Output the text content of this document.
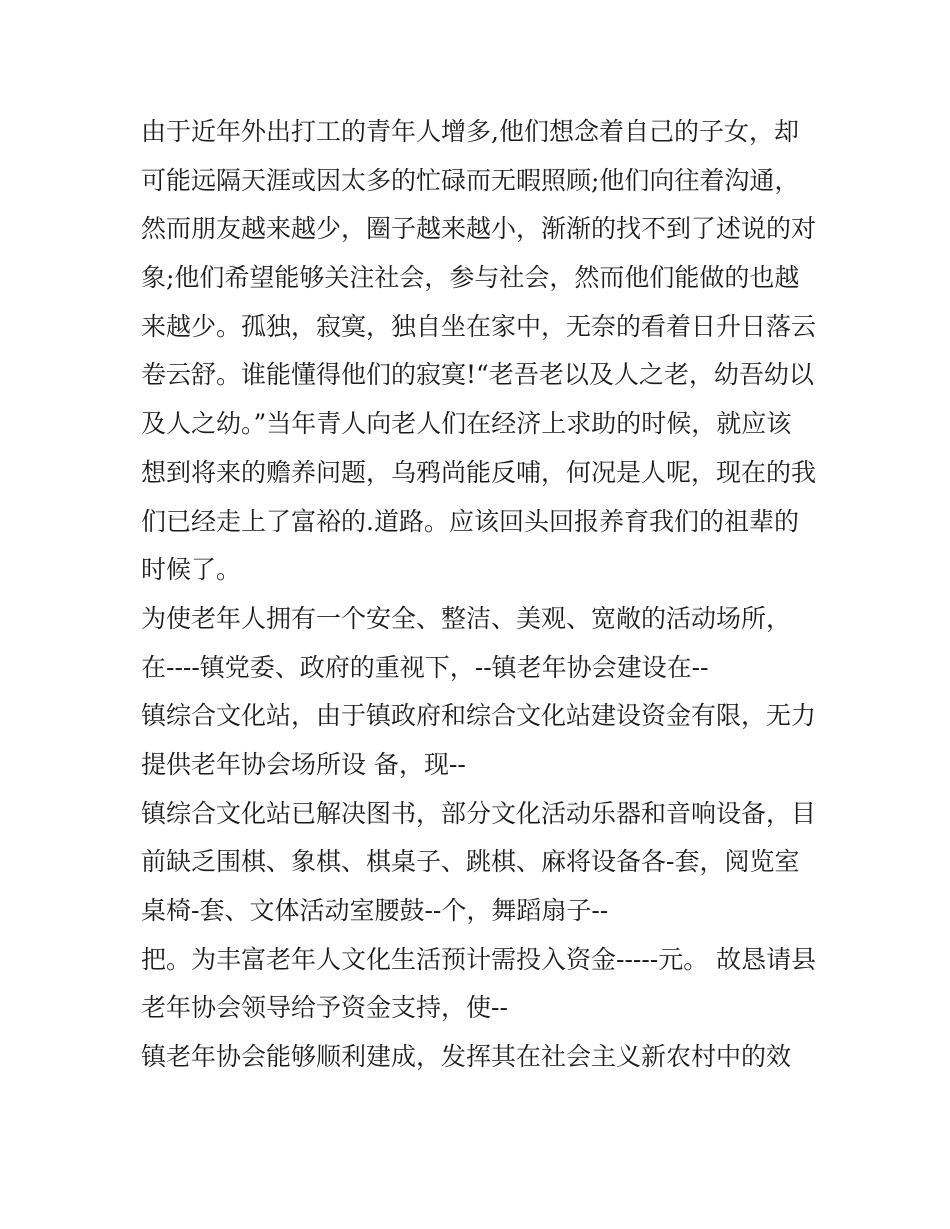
由于近年外出打工的青年人增多,他们想念着自己的子女，却
可能远隔天涯或因太多的忙碌而无暇照顾;他们向往着沟通，
然而朋友越来越少，圈子越来越小，渐渐的找不到了述说的对
象;他们希望能够关注社会，参与社会，然而他们能做的也越
来越少。孤独，寂寞，独自坐在家中，无奈的看着日升日落云
卷云舒。谁能懂得他们的寂寞!“老吾老以及人之老，幼吾幼以
及人之幼。”当年青人向老人们在经济上求助的时候，就应该
想到将来的赡养问题，乌鸦尚能反哺，何况是人呢，现在的我
们已经走上了富裕的.道路。应该回头回报养育我们的祖辈的
时候了。
为使老年人拥有一个安全、整洁、美观、宽敞的活动场所，
在----镇党委、政府的重视下，--镇老年协会建设在--
镇综合文化站，由于镇政府和综合文化站建设资金有限，无力
提供老年协会场所设 备，现--
镇综合文化站已解决图书，部分文化活动乐器和音响设备，目
前缺乏围棋、象棋、棋桌子、跳棋、麻将设备各-套，阅览室
桌椅-套、文体活动室腰鼓--个，舞蹈扇子--
把。为丰富老年人文化生活预计需投入资金-----元。 故恳请县
老年协会领导给予资金支持，使--
镇老年协会能够顺利建成，发挥其在社会主义新农村中的效
